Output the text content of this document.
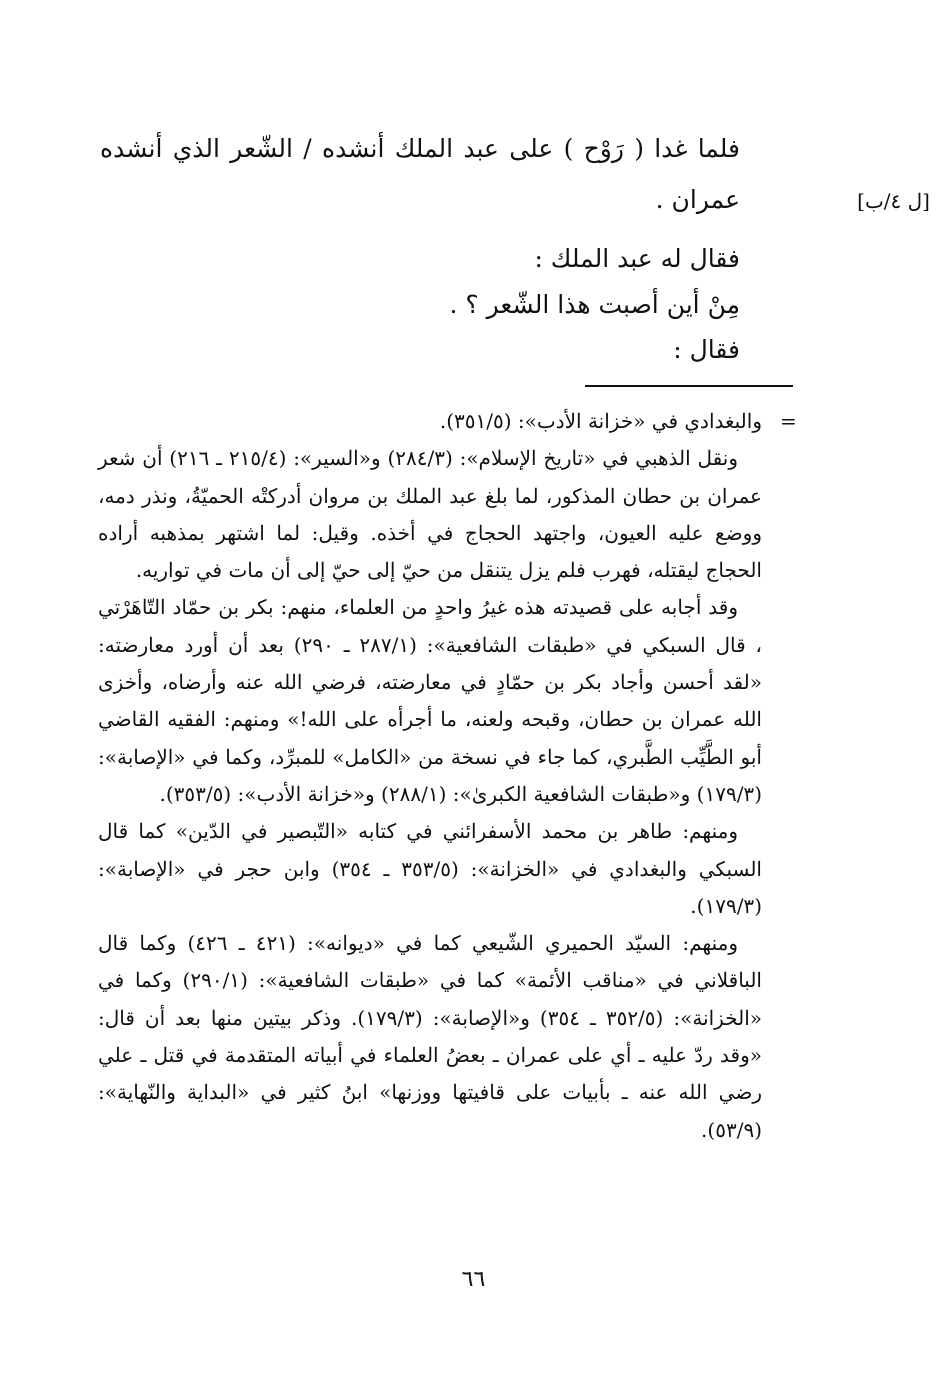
فلما غدا ( رَوْح ) على عبد الملك أنشده / الشّعر الذي أنشده
عمران .	[ل ٤/ب]
فقال له عبد الملك :
مِنْ أين أصبت هذا الشّعر ؟ .
فقال :
=

والبغدادي في «خزانة الأدب»: (٣٥١/٥).

ونقل الذهبي في «تاريخ الإسلام»: (٢٨٤/٣) و«السير»: (٢١٥/٤ ـ ٢١٦) أن شعر عمران بن حطان المذكور، لما بلغ عبد الملك بن مروان أدركتْه الحميّةُ، ونذر دمه، ووضع عليه العيون، واجتهد الحجاج في أخذه. وقيل: لما اشتهر بمذهبه أراده الحجاج ليقتله، فهرب فلم يزل يتنقل من حيّ إلى حيّ إلى أن مات في تواريه.

وقد أجابه على قصيدته هذه غيرُ واحدٍ من العلماء، منهم: بكر بن حمّاد التّاهَرْتي ، قال السبكي في «طبقات الشافعية»: (٢٨٧/١ ـ ٢٩٠) بعد أن أورد معارضته: «لقد أحسن وأجاد بكر بن حمّادٍ في معارضته، فرضي الله عنه وأرضاه، وأخزى الله عمران بن حطان، وقبحه ولعنه، ما أجرأه على الله!» ومنهم: الفقيه القاضي أبو الطَّيِّب الطَّبري، كما جاء في نسخة من «الكامل» للمبرِّد، وكما في «الإصابة»: (١٧٩/٣) و«طبقات الشافعية الكبرىٰ»: (٢٨٨/١) و«خزانة الأدب»: (٣٥٣/٥).

ومنهم: طاهر بن محمد الأسفرائني في كتابه «التّبصير في الدّين» كما قال السبكي والبغدادي في «الخزانة»: (٣٥٣/٥ ـ ٣٥٤) وابن حجر في «الإصابة»: (١٧٩/٣).

ومنهم: السيّد الحميري الشّيعي كما في «ديوانه»: (٤٢١ ـ ٤٢٦) وكما قال الباقلاني في «مناقب الأئمة» كما في «طبقات الشافعية»: (٢٩٠/١) وكما في «الخزانة»: (٣٥٢/٥ ـ ٣٥٤) و«الإصابة»: (١٧٩/٣). وذكر بيتين منها بعد أن قال: «وقد ردّ عليه ـ أي على عمران ـ بعضُ العلماء في أبياته المتقدمة في قتل ـ علي رضي الله عنه ـ بأبيات على قافيتها ووزنها» ابنُ كثير في «البداية والنّهاية»: (٥٣/٩).

٦٦
